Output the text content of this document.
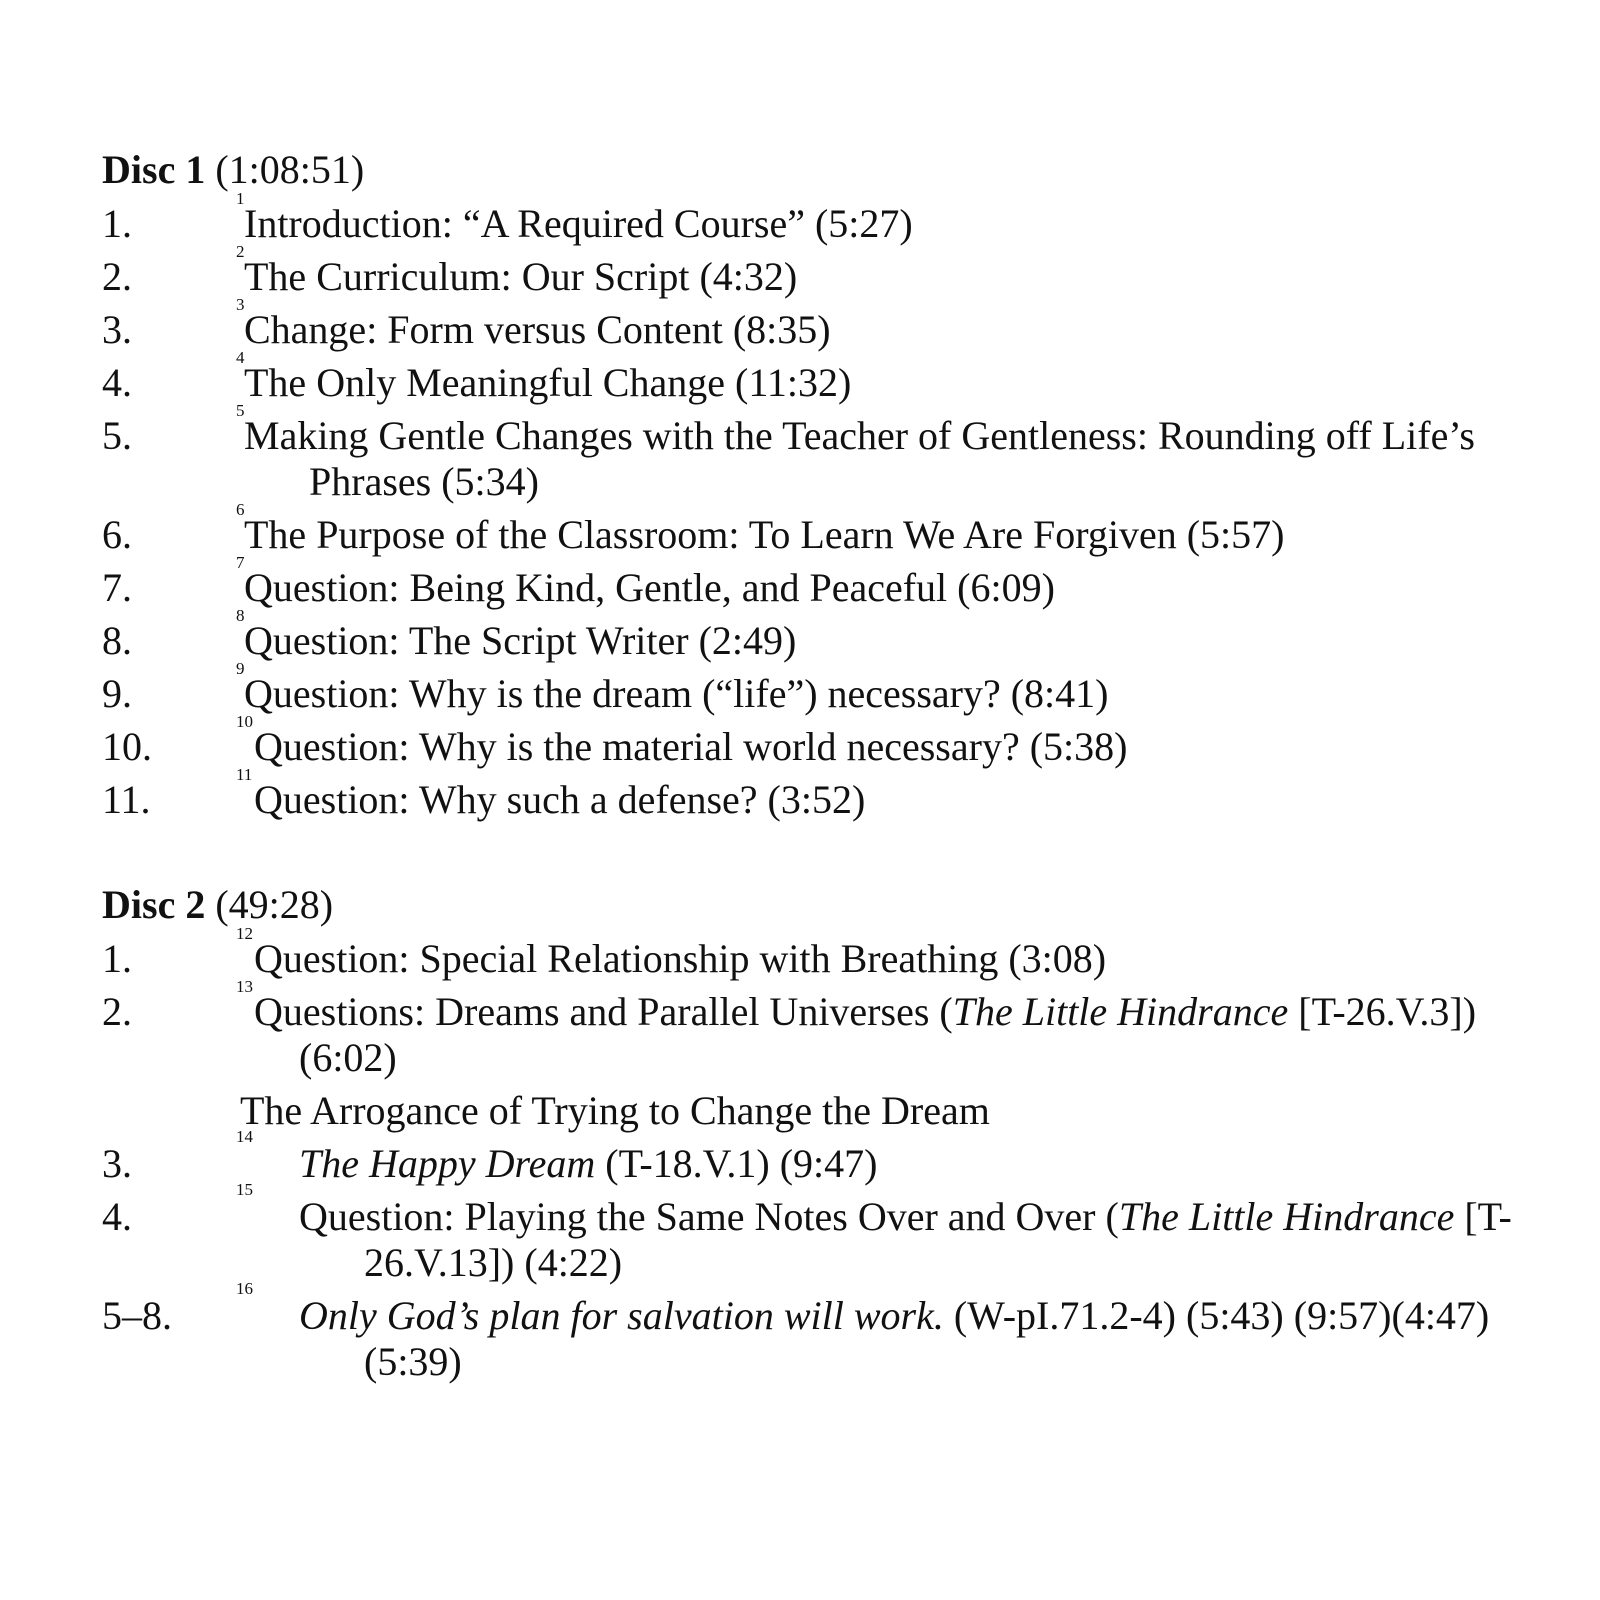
Disc 1 (1:08:51)
1.
1
Introduction: “A Required Course” (5:27)
2.
2
The Curriculum: Our Script (4:32)
3.
3
Change: Form versus Content (8:35)
4.
4
The Only Meaningful Change (11:32)
5.
5
Making Gentle Changes with the Teacher of Gentleness: Rounding off Life’s Phrases (5:34)
6.
6
The Purpose of the Classroom: To Learn We Are Forgiven (5:57)
7.
7
Question: Being Kind, Gentle, and Peaceful (6:09)
8.
8
Question: The Script Writer (2:49)
9.
9
Question: Why is the dream (“life”) necessary? (8:41)
10.
10
Question: Why is the material world necessary? (5:38)
11.
11
Question: Why such a defense? (3:52)
Disc 2 (49:28)
1.
12
Question: Special Relationship with Breathing (3:08)
2.
13
Questions: Dreams and Parallel Universes (The Little Hindrance [T-26.V.3]) (6:02)
The Arrogance of Trying to Change the Dream
3.
14
The Happy Dream (T-18.V.1) (9:47)
4.
15
Question: Playing the Same Notes Over and Over (The Little Hindrance [T-26.V.13]) (4:22)
5–8.
16
Only God’s plan for salvation will work. (W-pI.71.2-4) (5:43) (9:57)(4:47)(5:39)
